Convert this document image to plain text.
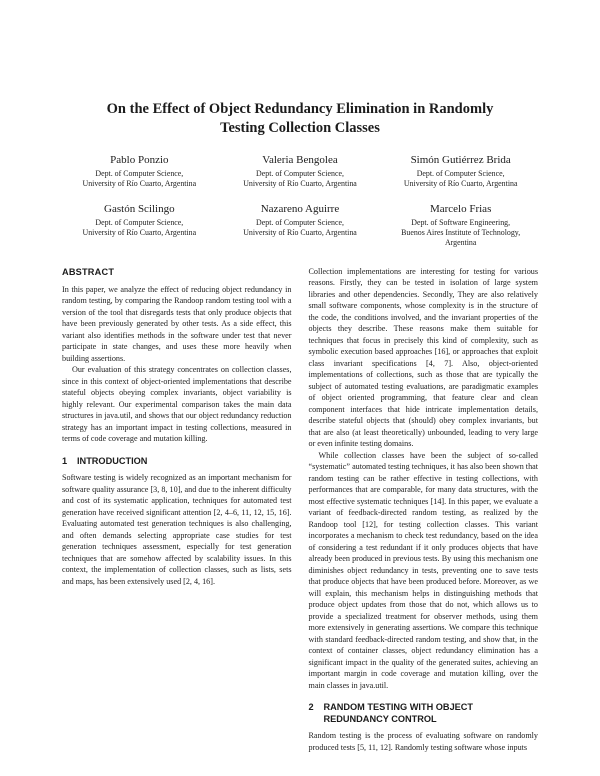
On the Effect of Object Redundancy Elimination in Randomly Testing Collection Classes
Pablo Ponzio
Dept. of Computer Science,
University of Río Cuarto, Argentina
Valeria Bengolea
Dept. of Computer Science,
University of Río Cuarto, Argentina
Simón Gutiérrez Brida
Dept. of Computer Science,
University of Río Cuarto, Argentina
Gastón Scilingo
Dept. of Computer Science,
University of Río Cuarto, Argentina
Nazareno Aguirre
Dept. of Computer Science,
University of Río Cuarto, Argentina
Marcelo Frias
Dept. of Software Engineering,
Buenos Aires Institute of Technology,
Argentina
ABSTRACT

In this paper, we analyze the effect of reducing object redundancy in random testing, by comparing the Randoop random testing tool with a version of the tool that disregards tests that only produce objects that have been previously generated by other tests. As a side effect, this variant also identifies methods in the software under test that never participate in state changes, and uses these more heavily when building assertions.

Our evaluation of this strategy concentrates on collection classes, since in this context of object-oriented implementations that describe stateful objects obeying complex invariants, object variability is highly relevant. Our experimental comparison takes the main data structures in java.util, and shows that our object redundancy reduction strategy has an important impact in testing collections, measured in terms of code coverage and mutation killing.

1	INTRODUCTION

Software testing is widely recognized as an important mechanism for software quality assurance [3, 8, 10], and due to the inherent difficulty and cost of its systematic application, techniques for automated test generation have received significant attention [2, 4–6, 11, 12, 15, 16]. Evaluating automated test generation techniques is also challenging, and often demands selecting appropriate case studies for test generation techniques assessment, especially for test generation techniques that are somehow affected by scalability issues. In this context, the implementation of collection classes, such as lists, sets and maps, has been extensively used [2, 4, 16].

Collection implementations are interesting for testing for various reasons. Firstly, they can be tested in isolation of large system libraries and other dependencies. Secondly, They are also relatively small software components, whose complexity is in the structure of the code, the conditions involved, and the invariant properties of the objects they describe. These reasons make them suitable for techniques that focus in precisely this kind of complexity, such as symbolic execution based approaches [16], or approaches that exploit class invariant specifications [4, 7]. Also, object-oriented implementations of collections, such as those that are typically the subject of automated testing evaluations, are paradigmatic examples of object oriented programming, that feature clear and clean component interfaces that hide intricate implementation details, describe stateful objects that (should) obey complex invariants, but that are also (at least theoretically) unbounded, leading to very large or even infinite testing domains.

While collection classes have been the subject of so-called “systematic” automated testing techniques, it has also been shown that random testing can be rather effective in testing collections, with performances that are comparable, for many data structures, with the most effective systematic techniques [14]. In this paper, we evaluate a variant of feedback-directed random testing, as realized by the Randoop tool [12], for testing collection classes. This variant incorporates a mechanism to check test redundancy, based on the idea of considering a test redundant if it only produces objects that have already been produced in previous tests. By using this mechanism one diminishes object redundancy in tests, preventing one to save tests that produce objects that have been produced before. Moreover, as we will explain, this mechanism helps in distinguishing methods that produce object updates from those that do not, which allows us to provide a specialized treatment for observer methods, using them more extensively in generating assertions. We compare this technique with standard feedback-directed random testing, and show that, in the context of container classes, object redundancy elimination has a significant impact in the quality of the generated suites, achieving an important margin in code coverage and mutation killing, over the main classes in java.util.

2	RANDOM TESTING WITH OBJECT REDUNDANCY CONTROL

Random testing is the process of evaluating software on randomly produced tests [5, 11, 12]. Randomly testing software whose inputs
